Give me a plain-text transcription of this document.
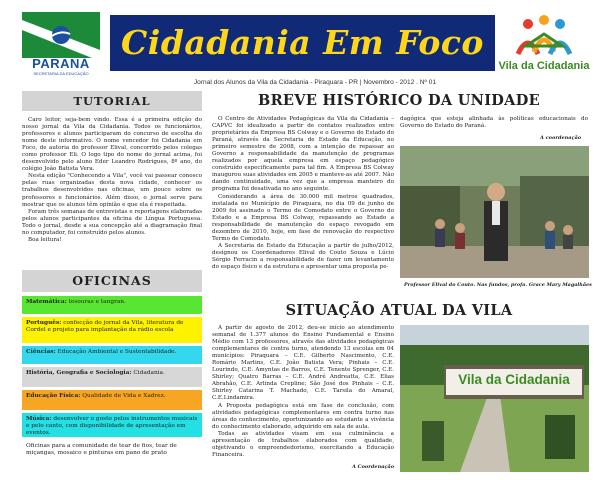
PARANÁ
SECRETARIA DA EDUCAÇÃO
Cidadania Em Foco
Vila da Cidadania
Jornal dos Alunos da Vila da Cidadania - Piraquara - PR | Novembro - 2012 . Nº 01
TUTORIAL

Caro leitor, seja-bem vindo. Essa é a primeira edição do nosso jornal da Vila da Cidadania. Todos os funcionários, professores e alunos participaram do concurso de escolha do nome deste informativo. O nome vencedor foi Cidadania em Foco, de autoria do professor Elival, concorrido pelos colegas como professor Eli. O logo tipo do nome do jornal acima, foi desenvolvido pelo aluno Eder Leandro Rodrigues, 8º ano, do colégio João Batista Vera.

Nesta edição "Conhecendo a Vila", você vai passear conosco pelas ruas organizadas desta nova cidade, conhecer os trabalhos desenvolvidos nas oficinas, um pouco sobre os professores e funcionários. Além disso, o jornal serve para mostrar que os alunos têm opinião e que ela é respeitada.

Foram três semanas de entrevistas e reportagens elaboradas pelos alunos participantes da oficina de Língua Portuguesa. Todo o jornal, desde a sua concepção até a diagramação final no computador, foi construído pelos alunos.

Boa leitura!

OFICINAS
Matemática: tesouras e tangran.
Português: confecção do jornal da Vila, literatura de Cordel e projeto para implantação da rádio escola
Ciências: Educação Ambiental e Sustentabilidade.
História, Geografia e Sociologia: Cidadania.
Educação Física: Qualidade de Vida e Xadrez.
Música: desenvolver o gosto pelos instrumentos musicais e pelo canto, com disponibilidade de apresentação em eventos.
Oficinas para a comunidade de tear de fios, tear de miçangas, mosaico e pinturas em pano de prato
BREVE HISTÓRICO DA UNIDADE

O Centro de Atividades Pedagógicas da Vila da Cidadania – CAPVC foi idealizado a partir de contatos realizados entre proprietários da Empresa BS Colway e o Governo do Estado do Paraná, através da Secretaria de Estado da Educação, no primeiro semestre de 2008, com a intenção de repassar ao Governo a responsabilidade da manutenção de programas realizados por aquela empresa em espaço pedagógico construído especificamente para tal fim. A Empresa BS Colway inaugurou suas atividades em 2005 e manteve-as até 2007. Não dando continuidade, uma vez que a empresa manteiro do programa foi desativada no ano seguinte.

Considerando a área de 30.000 mil metros quadrados, instalada no Município de Piraquara, no dia 09 de junho de 2009 foi assinado o Termo de Comodato entre o Governo do Estado e a Empresa BS Colway, repassando ao Estado a responsabilidade de manutenção do espaço revogado em dezembro de 2010, hoje, em fase de renovação do respectivo Termo de Comodato.

A Secretaria de Estado da Educação a partir de julho/2012, designou os Coordenadores Elival do Couto Souza e Lúcio Sérgio Ferracin a responsabilidade de fazer um levantamento do espaço físico e da estrutura e apresentar uma proposta pe-

dagógica que esteja alinhada às políticas educacionais do Governo do Estado do Paraná.

A coordenação
Professor Elival do Couto. Nas fundos, profa. Grace Mary Magalhães
SITUAÇÃO ATUAL DA VILA

A partir de agosto de 2012, deu-se início ao atendimento semanal de 1.377 alunos do Ensino Fundamental e Ensino Médio com 13 professores, através das atividades pedagógicas complementares de contra turno, atendendo 13 escolas em 04 municípios: Piraquara – C.E. Gilberto Nascimento, C.E. Romário Martins, C.E. João Batista Vera; Pinhais – C.E. Lourindo, C.E. Amyntas de Barros, C.E. Tenente Sprenger, C.E. Shirley; Quatro Barras – C.E. André Andreatta, C.E. Elias Abrahão, C.E. Arlinda Crepline; São José dos Pinhais – C.E. Shirley Catarina T. Machado, C.E. Tarsila do Amaral, C.E.Lindamira.

A Proposta pedagógica está em fase de conclusão, com atividades pedagógicas complementares em contra turno nas áreas do conhecimento, oportunizando ao estudante a vivência do conhecimento elaborado, adquirido em sala de aula.

Todas as atividades visam em sua culminância a apresentação de trabalhos elaborados com qualidade, objetivando o empreendedorismo, exercitando a Educação Financeira.

A Coordenação
Vila da Cidadania
